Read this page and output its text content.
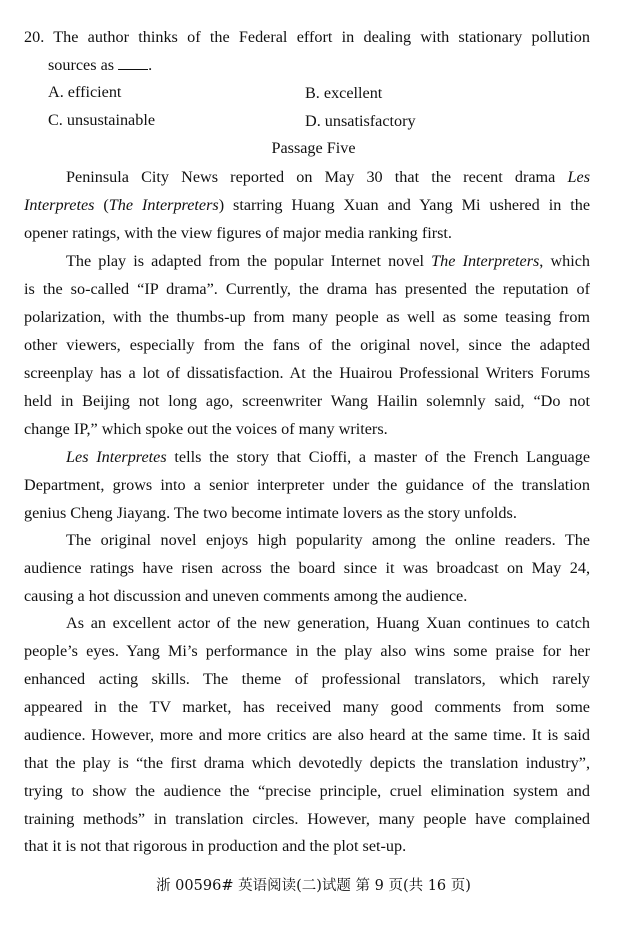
20. The author thinks of the Federal effort in dealing with stationary pollution
sources as .
A. efficient	B. excellent
C. unsustainable	D. unsatisfactory
Passage Five
Peninsula City News reported on May 30 that the recent drama Les
Interpretes (The Interpreters) starring Huang Xuan and Yang Mi ushered in the
opener ratings, with the view figures of major media ranking first.
The play is adapted from the popular Internet novel The Interpreters, which
is the so-called “IP drama”. Currently, the drama has presented the reputation of
polarization, with the thumbs-up from many people as well as some teasing from
other viewers, especially from the fans of the original novel, since the adapted
screenplay has a lot of dissatisfaction. At the Huairou Professional Writers Forums
held in Beijing not long ago, screenwriter Wang Hailin solemnly said, “Do not
change IP,” which spoke out the voices of many writers.
Les Interpretes tells the story that Cioffi, a master of the French Language
Department, grows into a senior interpreter under the guidance of the translation
genius Cheng Jiayang. The two become intimate lovers as the story unfolds.
The original novel enjoys high popularity among the online readers. The
audience ratings have risen across the board since it was broadcast on May 24,
causing a hot discussion and uneven comments among the audience.
As an excellent actor of the new generation, Huang Xuan continues to catch
people’s eyes. Yang Mi’s performance in the play also wins some praise for her
enhanced acting skills. The theme of professional translators, which rarely
appeared in the TV market, has received many good comments from some
audience. However, more and more critics are also heard at the same time. It is said
that the play is “the first drama which devotedly depicts the translation industry”,
trying to show the audience the “precise principle, cruel elimination system and
training methods” in translation circles. However, many people have complained
that it is not that rigorous in production and the plot set-up.
浙 00596# 英语阅读(二)试题 第 9 页(共 16 页)
